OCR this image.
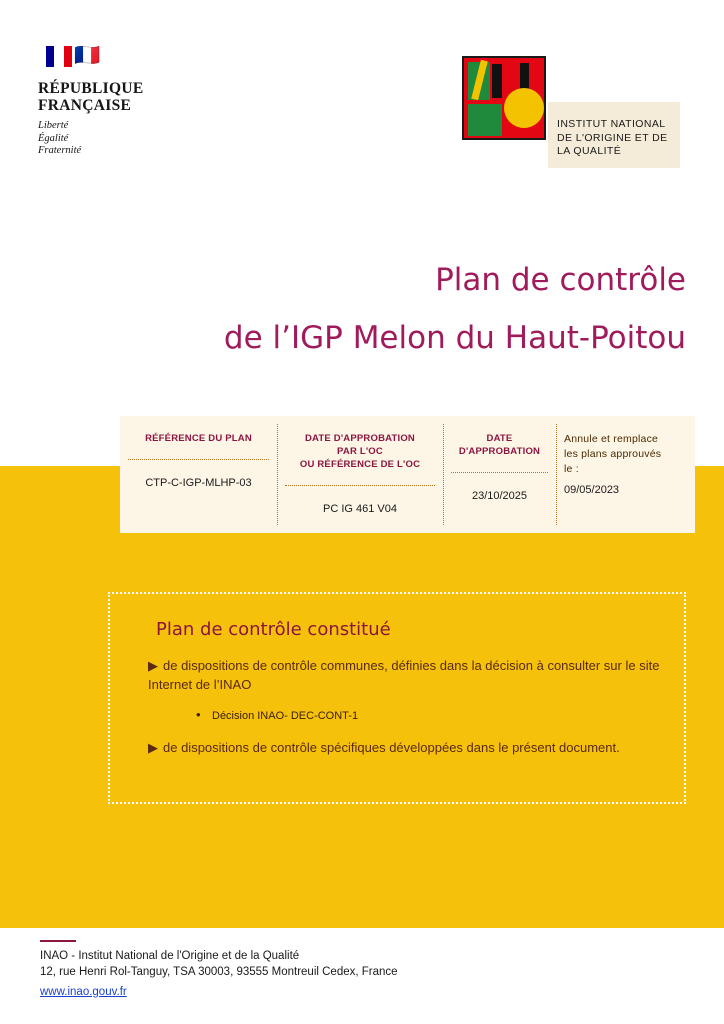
🇫🇷
RÉPUBLIQUE
FRANÇAISE
Liberté
Égalité
Fraternité
INSTITUT NATIONAL
DE L'ORIGINE ET DE
LA QUALITÉ
Plan de contrôle
de l’IGP Melon du Haut-Poitou
RÉFÉRENCE DU PLAN
CTP-C-IGP-MLHP-03
DATE D'APPROBATION
PAR L'OC
OU RÉFÉRENCE DE L'OC
PC IG 461 V04
DATE
D'APPROBATION
23/10/2025
Annule et remplace
les plans approuvés
le :
09/05/2023
Plan de contrôle constitué
▶ de dispositions de contrôle communes, définies dans la décision à consulter sur le site Internet de l’INAO
• Décision INAO- DEC-CONT-1
▶ de dispositions de contrôle spécifiques développées dans le présent document.
INAO - Institut National de l'Origine et de la Qualité
12, rue Henri Rol-Tanguy, TSA 30003, 93555 Montreuil Cedex, France
www.inao.gouv.fr
